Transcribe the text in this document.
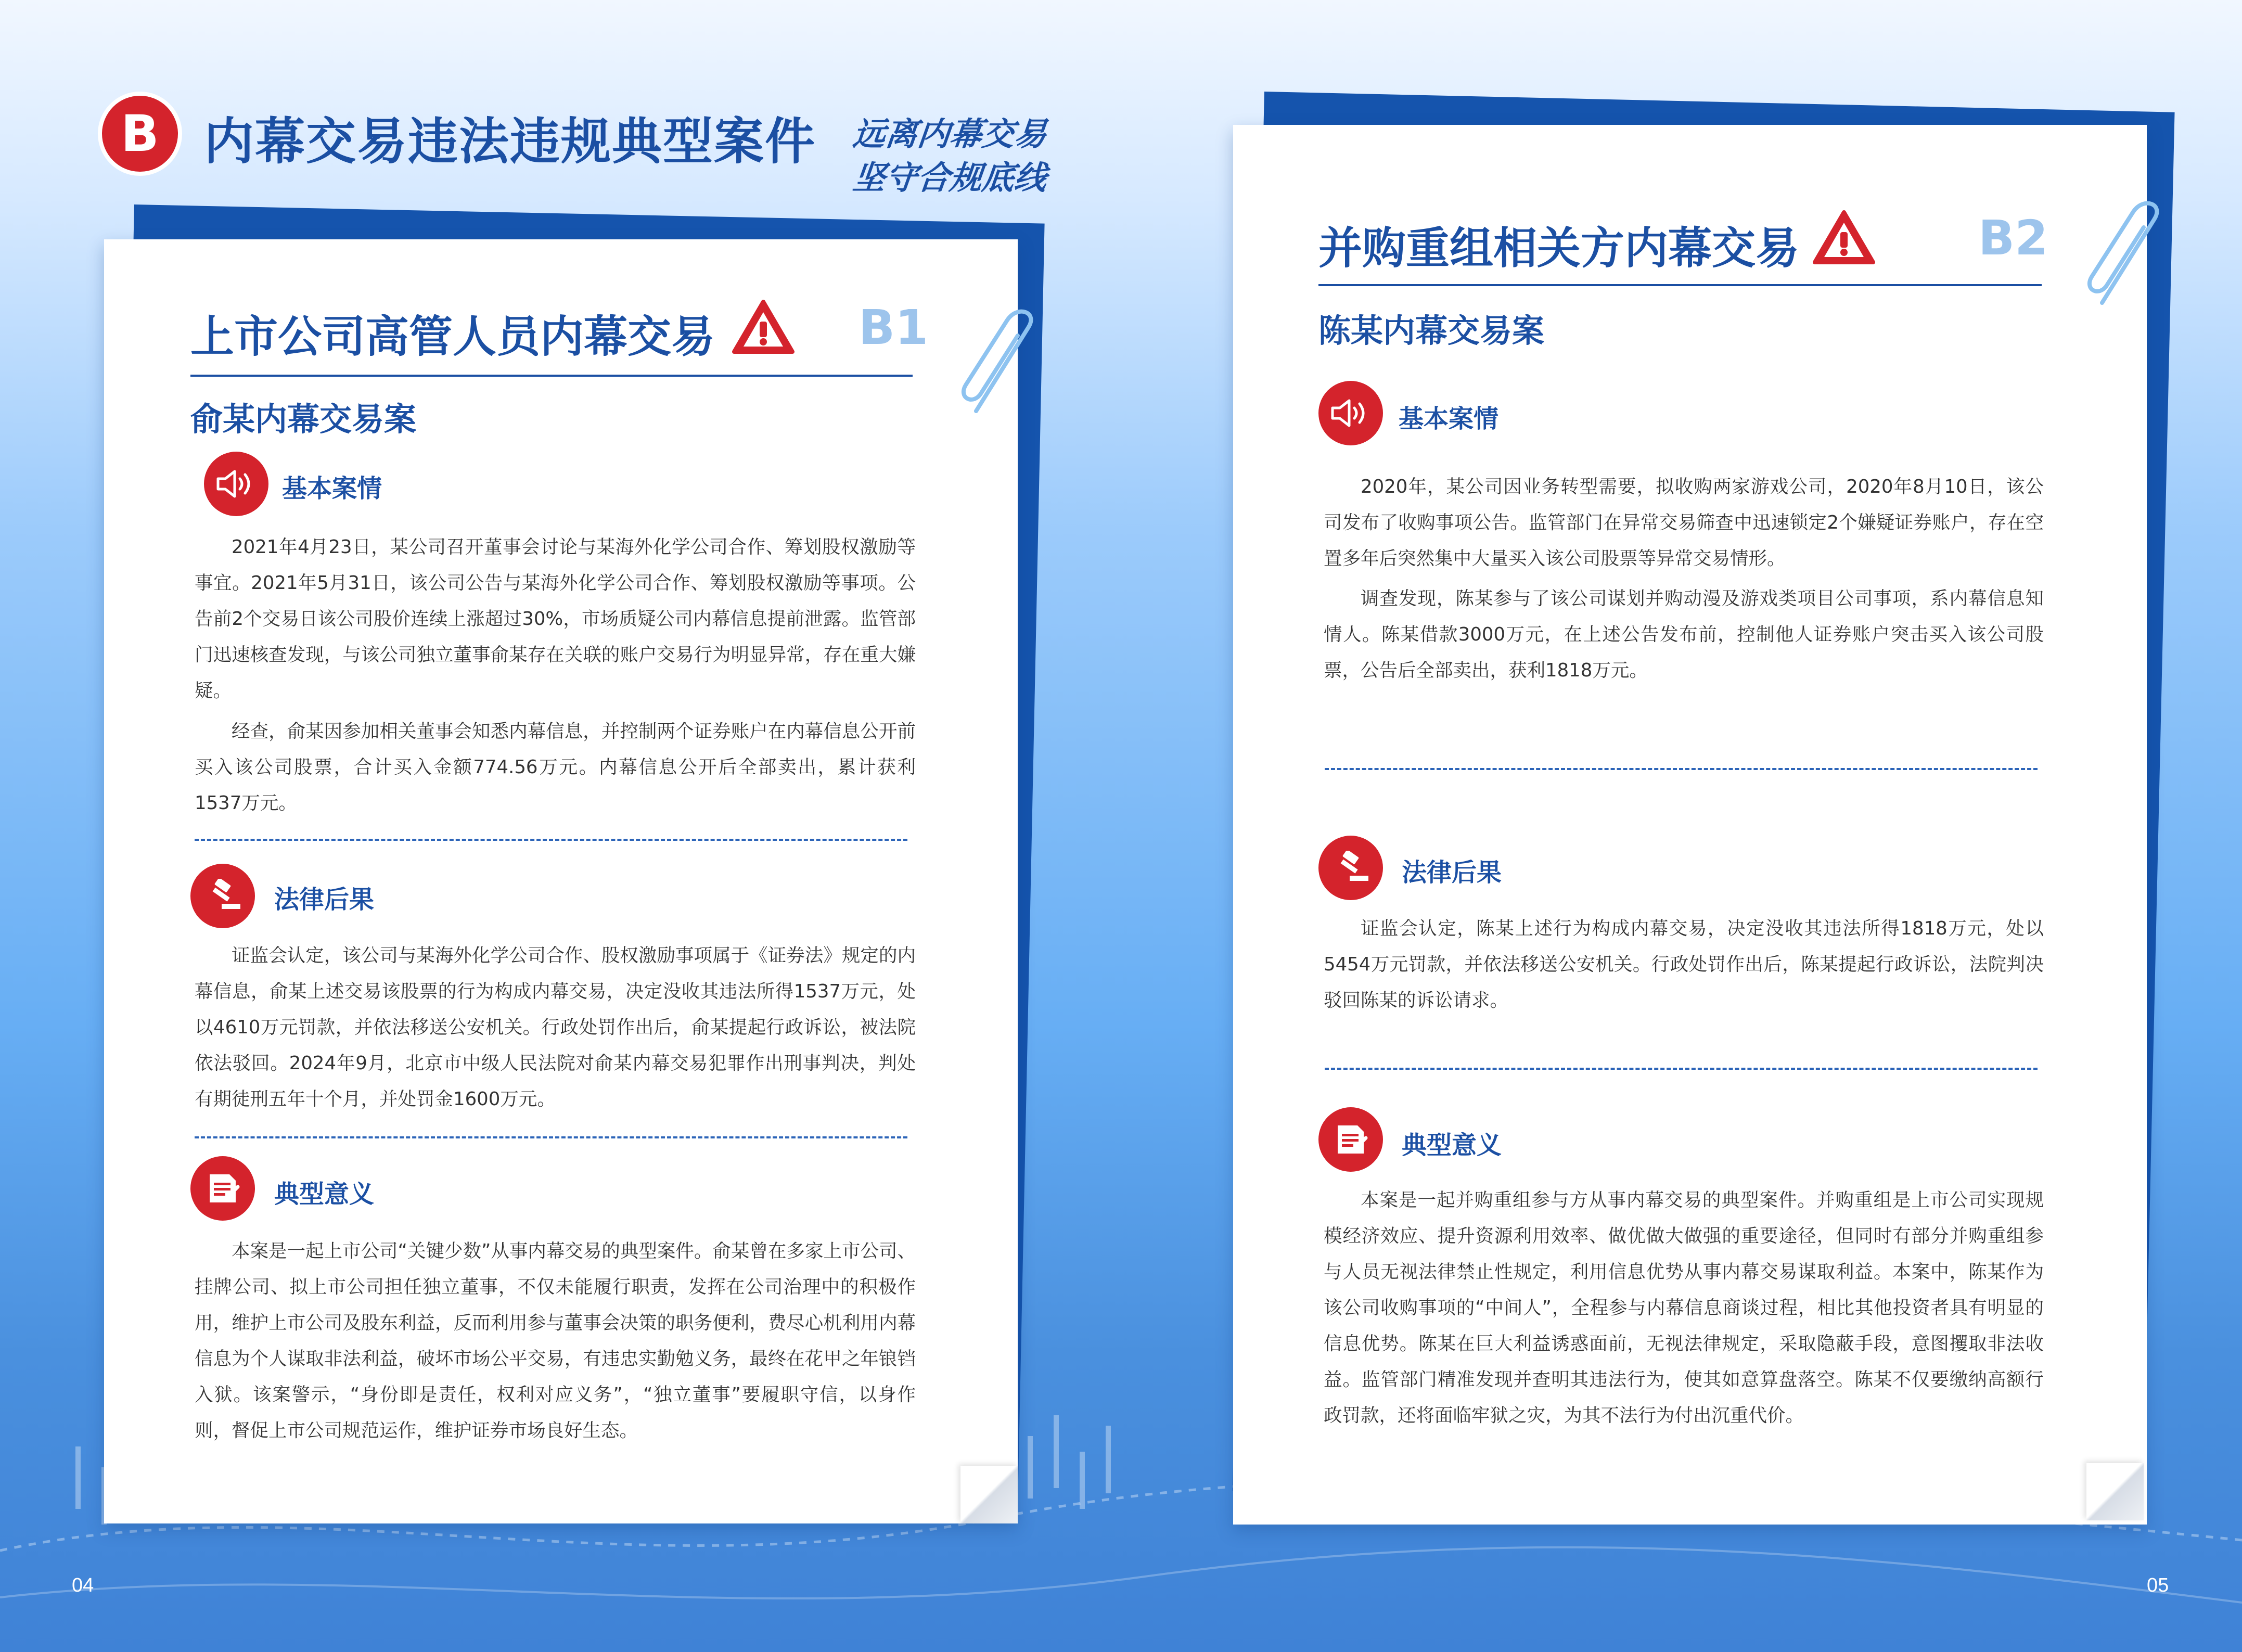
B 内幕交易违法违规典型案件 远离内幕交易
坚守合规底线
上市公司高管人员内幕交易	B1
俞某内幕交易案
基本案情

2021年4月23日，某公司召开董事会讨论与某海外化学公司合作、筹划股权激励等事宜。2021年5月31日，该公司公告与某海外化学公司合作、筹划股权激励等事项。公告前2个交易日该公司股价连续上涨超过30%，市场质疑公司内幕信息提前泄露。监管部门迅速核查发现，与该公司独立董事俞某存在关联的账户交易行为明显异常，存在重大嫌疑。

经查，俞某因参加相关董事会知悉内幕信息，并控制两个证券账户在内幕信息公开前买入该公司股票，合计买入金额774.56万元。内幕信息公开后全部卖出，累计获利1537万元。

法律后果

证监会认定，该公司与某海外化学公司合作、股权激励事项属于《证券法》规定的内幕信息，俞某上述交易该股票的行为构成内幕交易，决定没收其违法所得1537万元，处以4610万元罚款，并依法移送公安机关。行政处罚作出后，俞某提起行政诉讼，被法院依法驳回。2024年9月，北京市中级人民法院对俞某内幕交易犯罪作出刑事判决，判处有期徒刑五年十个月，并处罚金1600万元。

典型意义

本案是一起上市公司“关键少数”从事内幕交易的典型案件。俞某曾在多家上市公司、挂牌公司、拟上市公司担任独立董事，不仅未能履行职责，发挥在公司治理中的积极作用，维护上市公司及股东利益，反而利用参与董事会决策的职务便利，费尽心机利用内幕信息为个人谋取非法利益，破坏市场公平交易，有违忠实勤勉义务，最终在花甲之年锒铛入狱。该案警示，“身份即是责任，权利对应义务”，“独立董事”要履职守信，以身作则，督促上市公司规范运作，维护证券市场良好生态。

并购重组相关方内幕交易	B2
陈某内幕交易案
基本案情

2020年，某公司因业务转型需要，拟收购两家游戏公司，2020年8月10日，该公司发布了收购事项公告。监管部门在异常交易筛查中迅速锁定2个嫌疑证券账户，存在空置多年后突然集中大量买入该公司股票等异常交易情形。

调查发现，陈某参与了该公司谋划并购动漫及游戏类项目公司事项，系内幕信息知情人。陈某借款3000万元，在上述公告发布前，控制他人证券账户突击买入该公司股票，公告后全部卖出，获利1818万元。

法律后果

证监会认定，陈某上述行为构成内幕交易，决定没收其违法所得1818万元，处以5454万元罚款，并依法移送公安机关。行政处罚作出后，陈某提起行政诉讼，法院判决驳回陈某的诉讼请求。

典型意义

本案是一起并购重组参与方从事内幕交易的典型案件。并购重组是上市公司实现规模经济效应、提升资源利用效率、做优做大做强的重要途径，但同时有部分并购重组参与人员无视法律禁止性规定，利用信息优势从事内幕交易谋取利益。本案中，陈某作为该公司收购事项的“中间人”，全程参与内幕信息商谈过程，相比其他投资者具有明显的信息优势。陈某在巨大利益诱惑面前，无视法律规定，采取隐蔽手段，意图攫取非法收益。监管部门精准发现并查明其违法行为，使其如意算盘落空。陈某不仅要缴纳高额行政罚款，还将面临牢狱之灾，为其不法行为付出沉重代价。

04	05
